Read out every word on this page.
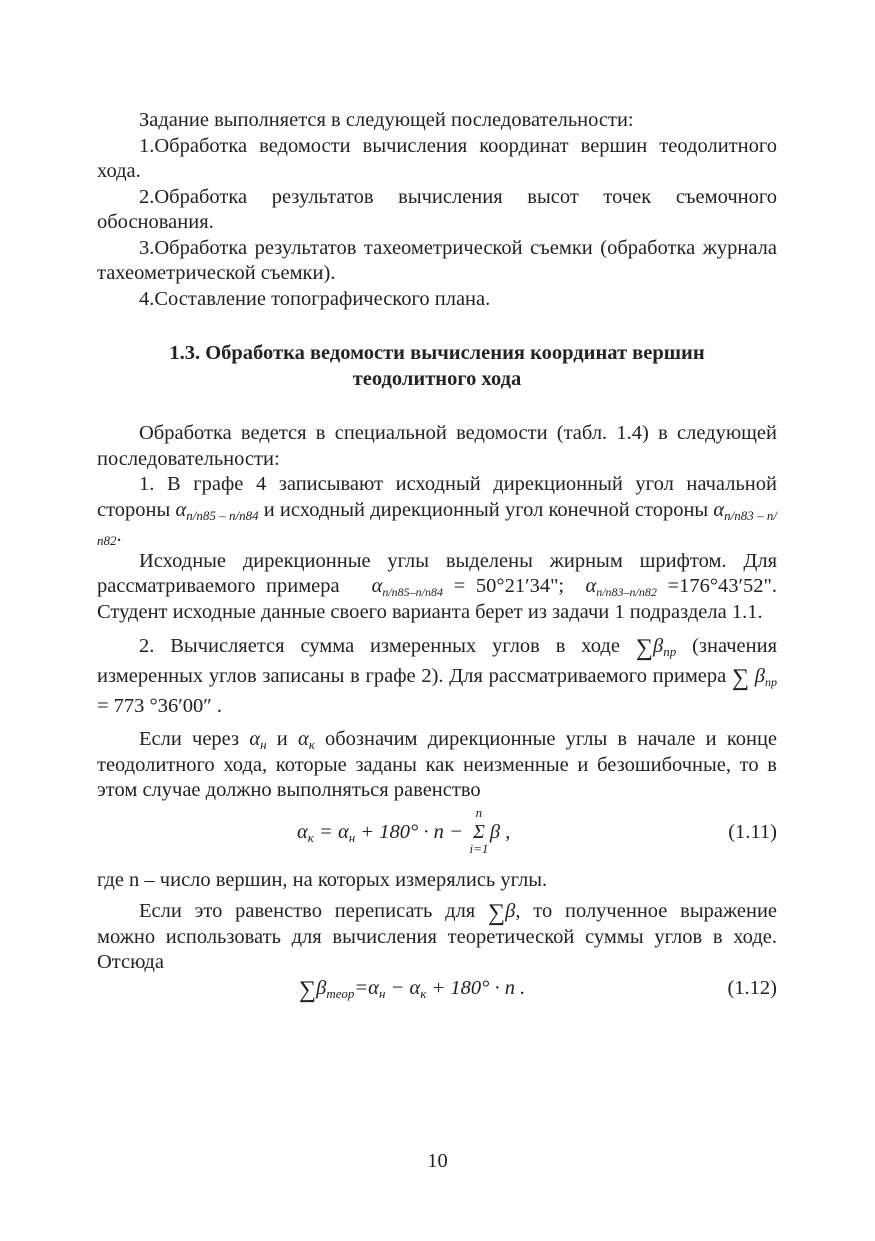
Задание выполняется в следующей последовательности:

1.Обработка ведомости вычисления координат вершин теодолитного хода.

2.Обработка результатов вычисления высот точек съемочного обоснования.

3.Обработка результатов тахеометрической съемки (обработка журнала тахеометрической съемки).

4.Составление топографического плана.

1.3. Обработка ведомости вычисления координат вершин теодолитного хода

Обработка ведется в специальной ведомости (табл. 1.4) в следующей последовательности:

1. В графе 4 записывают исходный дирекционный угол начальной стороны $\alpha_{п/п85 - п/п84}$ и исходный дирекционный угол конечной стороны $\alpha_{п/п83 - п/п82}$.

Исходные дирекционные углы выделены жирным шрифтом. Для рассматриваемого примера $\alpha_{п/п85-п/п84} = 50^\circ 21'34$"; $\alpha_{п/п83-п/п82} =176^\circ 43'52$". Студент исходные данные своего варианта берет из задачи 1 подраздела 1.1.

2. Вычисляется сумма измеренных углов в ходе $\sum\beta_{пр}$ (значения измеренных углов записаны в графе 2). Для рассматриваемого примера ∑ $\beta_{пр} = 773$ °36′00″ .

Если через $\alpha_н$ и $\alpha_к$ обозначим дирекционные углы в начале и конце теодолитного хода, которые заданы как неизменные и безошибочные, то в этом случае должно выполняться равенство

$\alpha_к = \alpha_н + 180^\circ \cdot n$ −
n
Σ
i=1
β ,	(1.11)

где n – число вершин, на которых измерялись углы.

Если это равенство переписать для ∑β, то полученное выражение можно использовать для вычисления теоретической суммы углов в ходе. Отсюда

$\sum\beta_{теор}=\alpha_н - \alpha_к + 180^\circ \cdot n$ .	(1.12)
10
